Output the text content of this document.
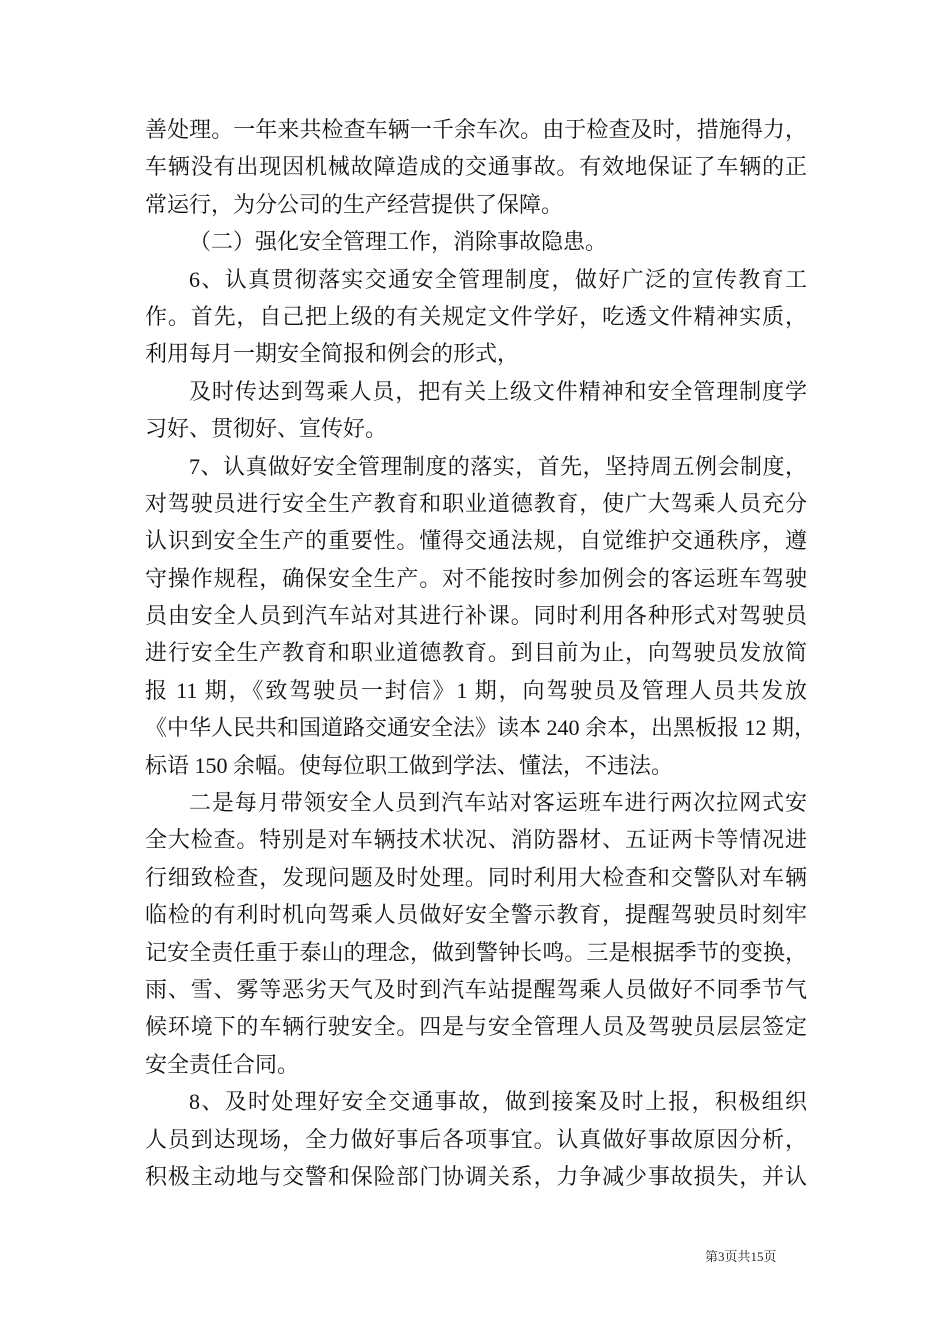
善处理。一年来共检查车辆一千余车次。由于检查及时，措施得力，
车辆没有出现因机械故障造成的交通事故。有效地保证了车辆的正
常运行，为分公司的生产经营提供了保障。
（二）强化安全管理工作，消除事故隐患。
6、认真贯彻落实交通安全管理制度，做好广泛的宣传教育工
作。首先，自己把上级的有关规定文件学好，吃透文件精神实质，
利用每月一期安全简报和例会的形式，
及时传达到驾乘人员，把有关上级文件精神和安全管理制度学
习好、贯彻好、宣传好。
7、认真做好安全管理制度的落实，首先，坚持周五例会制度，
对驾驶员进行安全生产教育和职业道德教育，使广大驾乘人员充分
认识到安全生产的重要性。懂得交通法规，自觉维护交通秩序，遵
守操作规程，确保安全生产。对不能按时参加例会的客运班车驾驶
员由安全人员到汽车站对其进行补课。同时利用各种形式对驾驶员
进行安全生产教育和职业道德教育。到目前为止，向驾驶员发放简
报 11 期，《致驾驶员一封信》1 期，向驾驶员及管理人员共发放
《中华人民共和国道路交通安全法》读本 240 余本，出黑板报 12 期，
标语 150 余幅。使每位职工做到学法、懂法，不违法。
二是每月带领安全人员到汽车站对客运班车进行两次拉网式安
全大检查。特别是对车辆技术状况、消防器材、五证两卡等情况进
行细致检查，发现问题及时处理。同时利用大检查和交警队对车辆
临检的有利时机向驾乘人员做好安全警示教育，提醒驾驶员时刻牢
记安全责任重于泰山的理念，做到警钟长鸣。三是根据季节的变换，
雨、雪、雾等恶劣天气及时到汽车站提醒驾乘人员做好不同季节气
候环境下的车辆行驶安全。四是与安全管理人员及驾驶员层层签定
安全责任合同。
8、及时处理好安全交通事故，做到接案及时上报，积极组织
人员到达现场，全力做好事后各项事宜。认真做好事故原因分析，
积极主动地与交警和保险部门协调关系，力争减少事故损失，并认
第3页共15页
